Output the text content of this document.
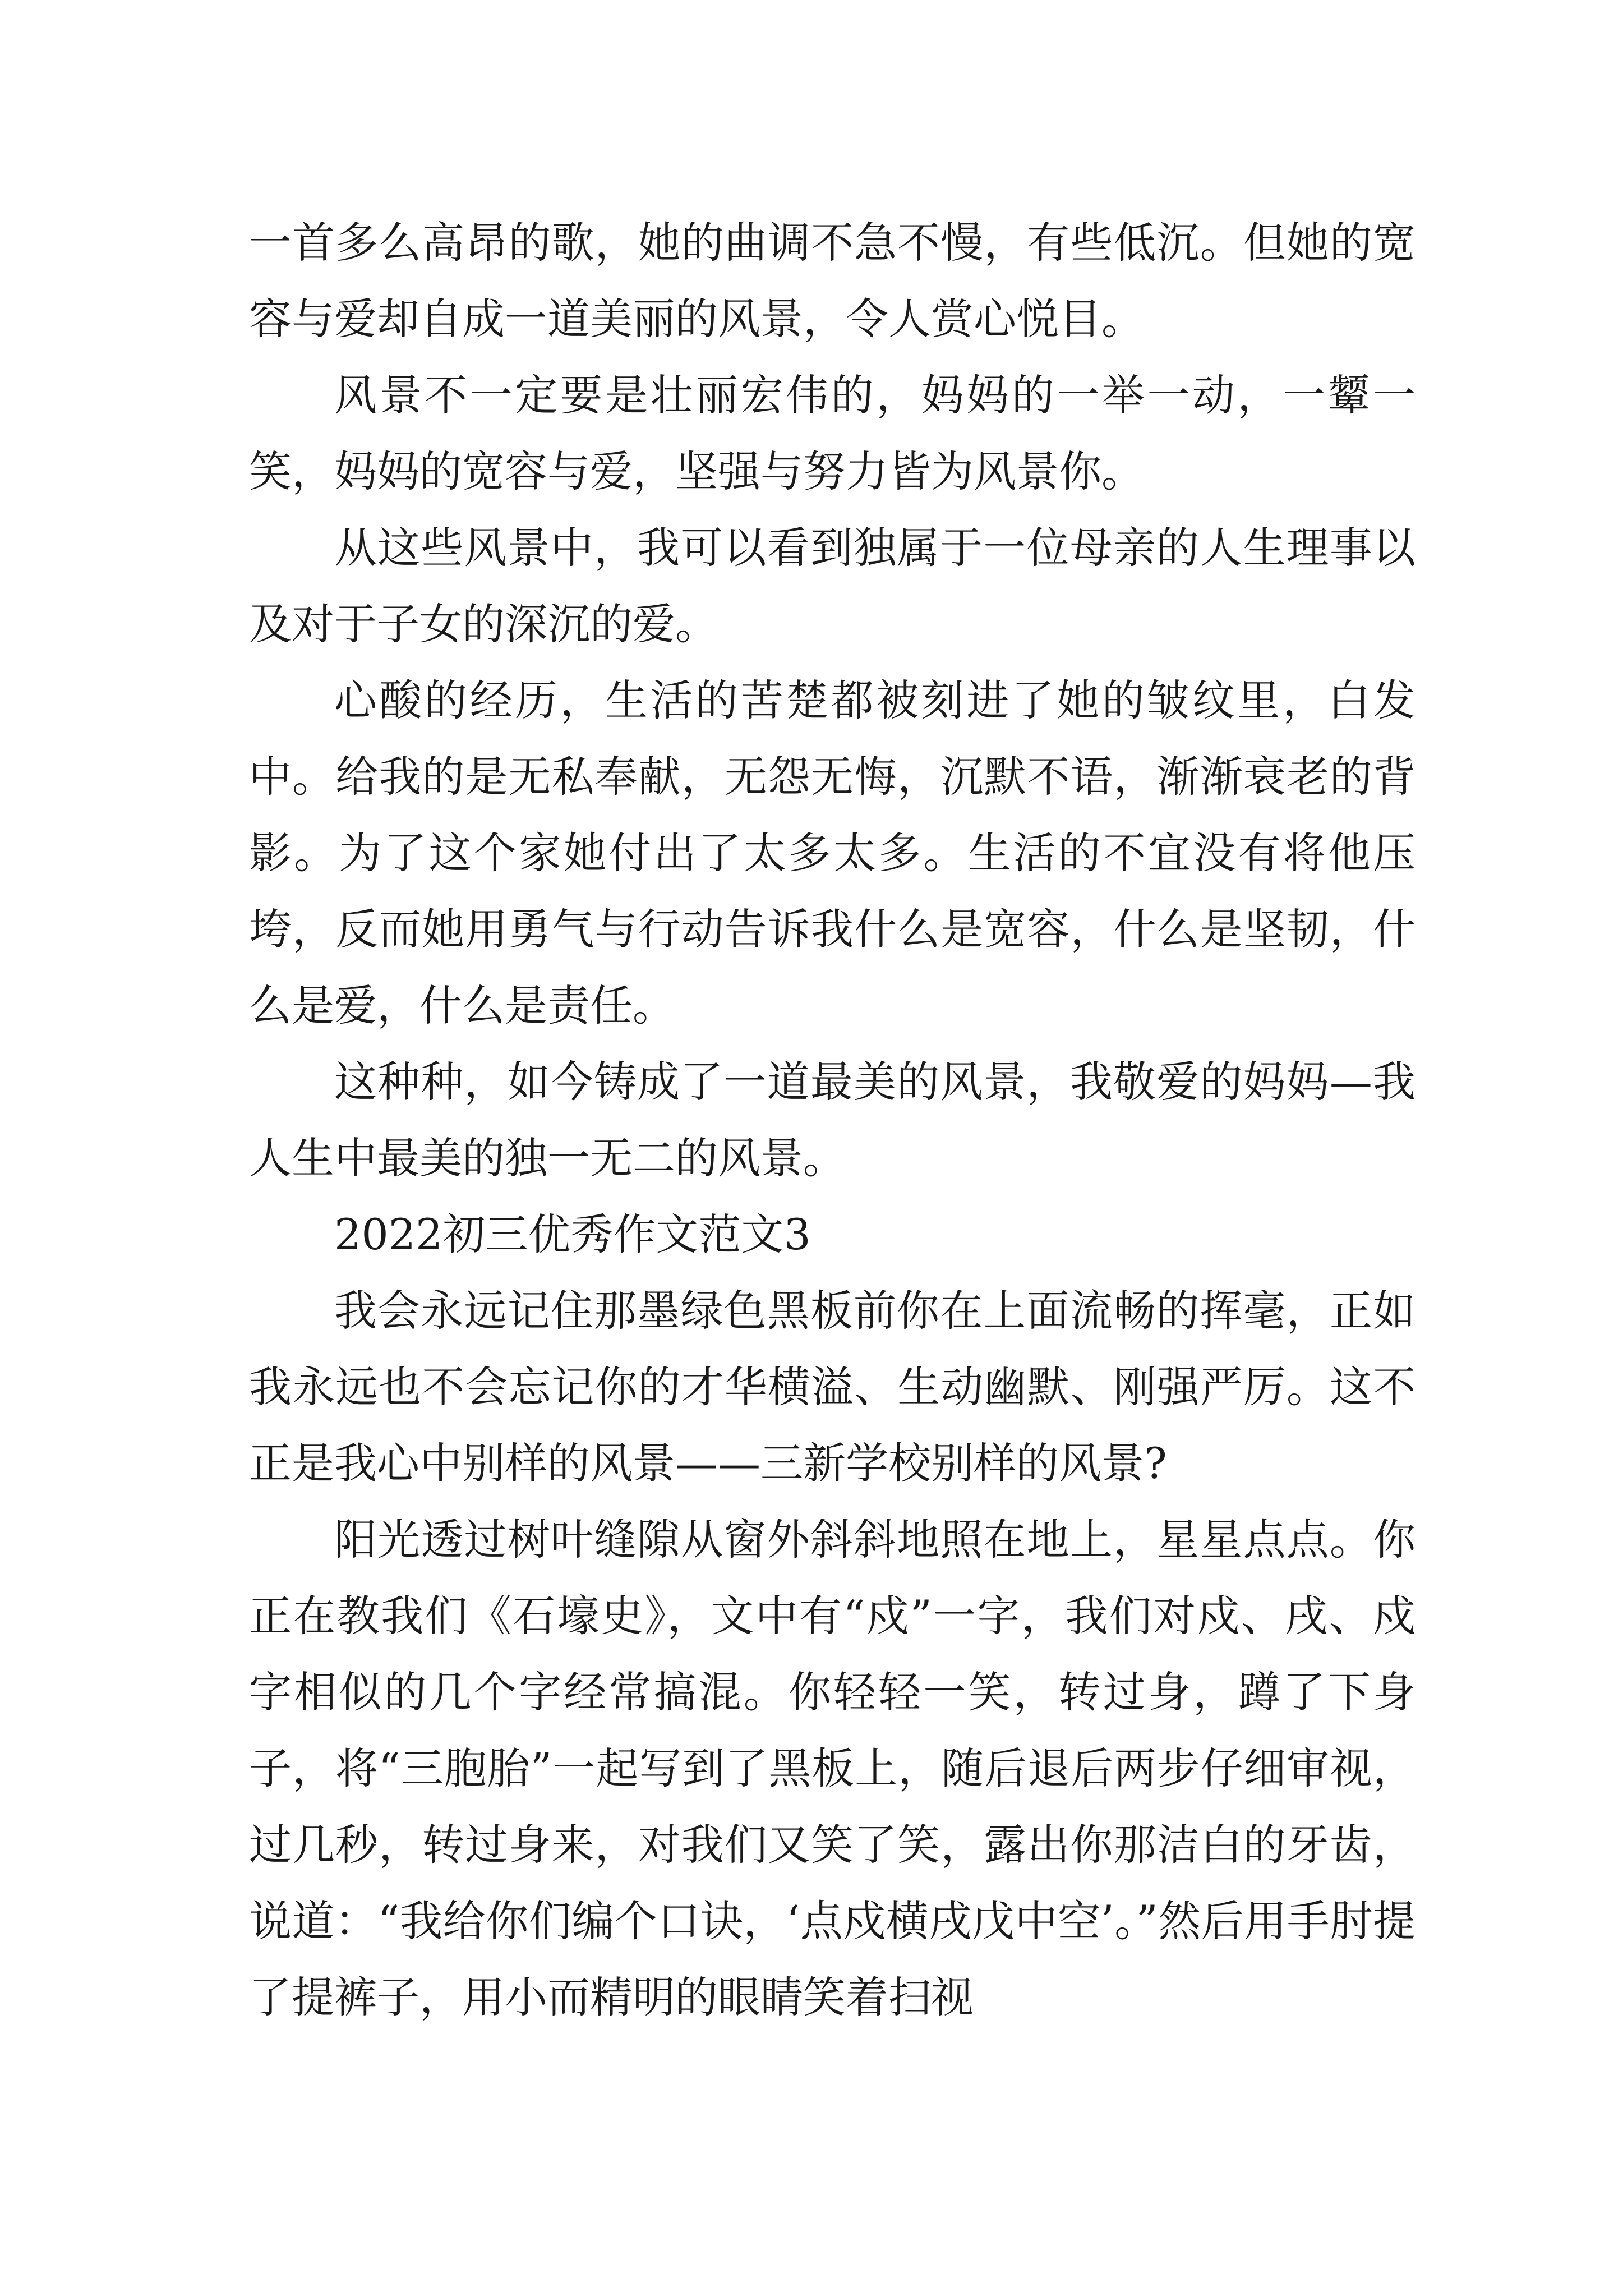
一首多么高昂的歌，她的曲调不急不慢，有些低沉。但她的宽容与爱却自成一道美丽的风景，令人赏心悦目。

风景不一定要是壮丽宏伟的，妈妈的一举一动，一颦一笑，妈妈的宽容与爱，坚强与努力皆为风景你。

从这些风景中，我可以看到独属于一位母亲的人生理事以及对于子女的深沉的爱。

心酸的经历，生活的苦楚都被刻进了她的皱纹里，白发中。给我的是无私奉献，无怨无悔，沉默不语，渐渐衰老的背影。为了这个家她付出了太多太多。生活的不宜没有将他压垮，反而她用勇气与行动告诉我什么是宽容，什么是坚韧，什么是爱，什么是责任。

这种种，如今铸成了一道最美的风景，我敬爱的妈妈—我人生中最美的独一无二的风景。

2022初三优秀作文范文3

我会永远记住那墨绿色黑板前你在上面流畅的挥毫，正如我永远也不会忘记你的才华横溢、生动幽默、刚强严厉。这不正是我心中别样的风景——三新学校别样的风景?

阳光透过树叶缝隙从窗外斜斜地照在地上，星星点点。你正在教我们《石壕史》，文中有“戍”一字，我们对戍、戌、戍字相似的几个字经常搞混。你轻轻一笑，转过身，蹲了下身子，将“三胞胎”一起写到了黑板上，随后退后两步仔细审视，过几秒，转过身来，对我们又笑了笑，露出你那洁白的牙齿，说道：“我给你们编个口诀，‘点戍横戌戊中空’。”然后用手肘提了提裤子，用小而精明的眼睛笑着扫视
